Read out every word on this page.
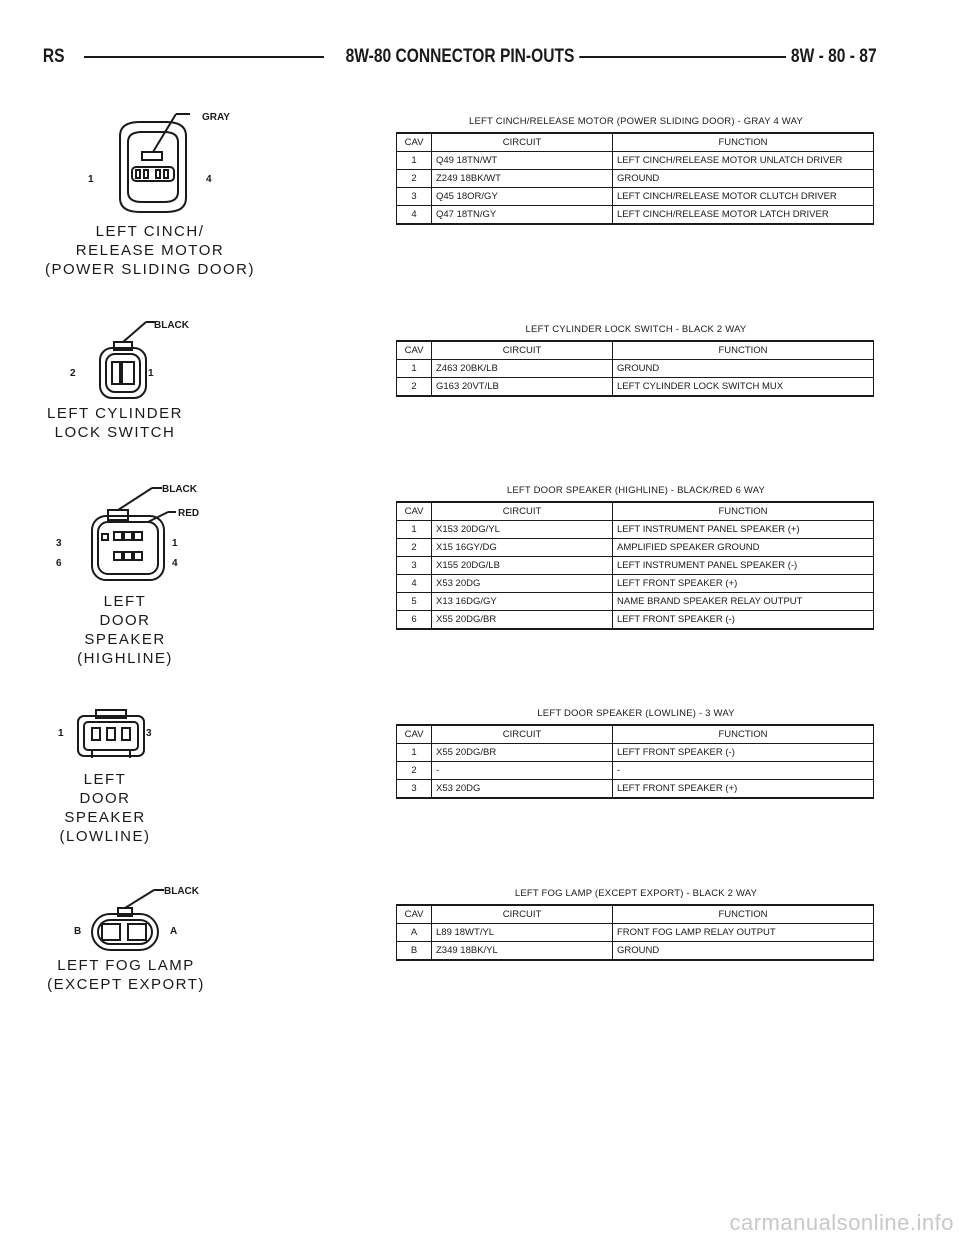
RS	8W-80 CONNECTOR PIN-OUTS	8W - 80 - 87
LEFT CINCH/RELEASE MOTOR (POWER SLIDING DOOR) - GRAY 4 WAY
CAV	CIRCUIT	FUNCTION
1	Q49 18TN/WT	LEFT CINCH/RELEASE MOTOR UNLATCH DRIVER
2	Z249 18BK/WT	GROUND
3	Q45 18OR/GY	LEFT CINCH/RELEASE MOTOR CLUTCH DRIVER
4	Q47 18TN/GY	LEFT CINCH/RELEASE MOTOR LATCH DRIVER
GRAY
1	4
LEFT CINCH/
RELEASE MOTOR
(POWER SLIDING DOOR)
LEFT CYLINDER LOCK SWITCH - BLACK 2 WAY
CAV	CIRCUIT	FUNCTION
1	Z463 20BK/LB	GROUND
2	G163 20VT/LB	LEFT CYLINDER LOCK SWITCH MUX
BLACK
2	1
LEFT CYLINDER
LOCK SWITCH
LEFT DOOR SPEAKER (HIGHLINE) - BLACK/RED 6 WAY
CAV	CIRCUIT	FUNCTION
1	X153 20DG/YL	LEFT INSTRUMENT PANEL SPEAKER (+)
2	X15 16GY/DG	AMPLIFIED SPEAKER GROUND
3	X155 20DG/LB	LEFT INSTRUMENT PANEL SPEAKER (-)
4	X53 20DG	LEFT FRONT SPEAKER (+)
5	X13 16DG/GY	NAME BRAND SPEAKER RELAY OUTPUT
6	X55 20DG/BR	LEFT FRONT SPEAKER (-)
BLACK
RED
3	1
6	4
LEFT
DOOR
SPEAKER
(HIGHLINE)
LEFT DOOR SPEAKER (LOWLINE) - 3 WAY
CAV	CIRCUIT	FUNCTION
1	X55 20DG/BR	LEFT FRONT SPEAKER (-)
2	-	-
3	X53 20DG	LEFT FRONT SPEAKER (+)
1	3
LEFT
DOOR
SPEAKER
(LOWLINE)
LEFT FOG LAMP (EXCEPT EXPORT) - BLACK 2 WAY
CAV	CIRCUIT	FUNCTION
A	L89 18WT/YL	FRONT FOG LAMP RELAY OUTPUT
B	Z349 18BK/YL	GROUND
BLACK
B	A
LEFT FOG LAMP
(EXCEPT EXPORT)
carmanualsonline.info
